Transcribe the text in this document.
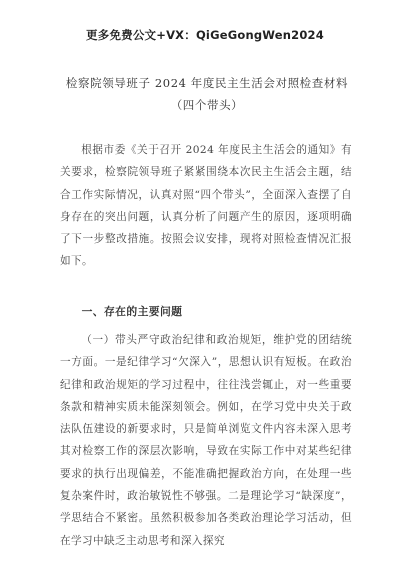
更多免费公文+VX：QiGeGongWen2024
检察院领导班子 2024 年度民主生活会对照检查材料（四个带头）

根据市委《关于召开 2024 年度民主生活会的通知》有关要求，检察院领导班子紧紧围绕本次民主生活会主题，结合工作实际情况，认真对照“四个带头”，全面深入查摆了自身存在的突出问题，认真分析了问题产生的原因，逐项明确了下一步整改措施。按照会议安排，现将对照检查情况汇报如下。

一、存在的主要问题

（一）带头严守政治纪律和政治规矩，维护党的团结统一方面。一是纪律学习“欠深入”，思想认识有短板。在政治纪律和政治规矩的学习过程中，往往浅尝辄止，对一些重要条款和精神实质未能深刻领会。例如，在学习党中央关于政法队伍建设的新要求时，只是简单浏览文件内容未深入思考其对检察工作的深层次影响，导致在实际工作中对某些纪律要求的执行出现偏差，不能准确把握政治方向，在处理一些复杂案件时，政治敏锐性不够强。二是理论学习“缺深度”，学思结合不紧密。虽然积极参加各类政治理论学习活动，但在学习中缺乏主动思考和深入探究
